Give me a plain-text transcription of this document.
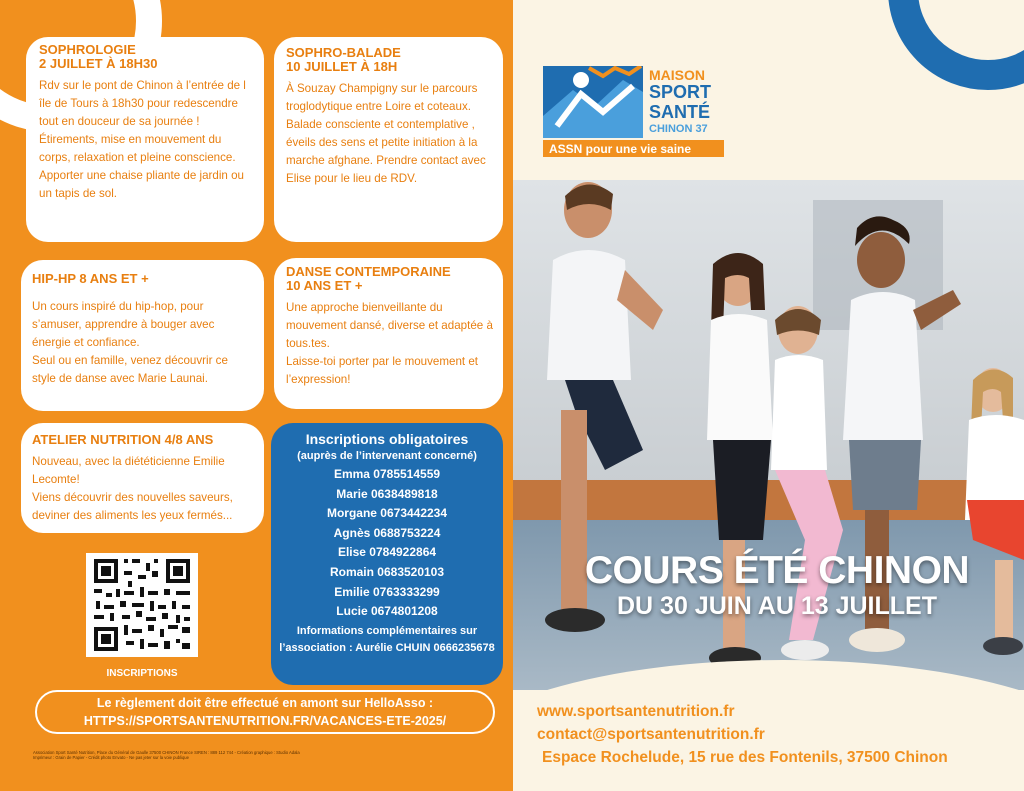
SOPHROLOGIE
2 JUILLET À 18H30

Rdv sur le pont de Chinon à l’entrée de l île de Tours à 18h30 pour redescendre tout en douceur de sa journée ! Étirements, mise en mouvement du corps, relaxation et pleine conscience. Apporter une chaise pliante de jardin ou un tapis de sol.

SOPHRO-BALADE
10 JUILLET À 18H

À Souzay Champigny sur le parcours troglodytique entre Loire et coteaux.
Balade consciente et contemplative , éveils des sens et petite initiation à la marche afghane. Prendre contact avec Elise pour le lieu de RDV.

HIP-HP 8 ANS ET +

Un cours inspiré du hip-hop, pour s’amuser, apprendre à bouger avec énergie et confiance.
Seul ou en famille, venez découvrir ce style de danse avec Marie Launai.

DANSE CONTEMPORAINE
10 ANS ET +

Une approche bienveillante du mouvement dansé, diverse et adaptée à tous.tes.
Laisse-toi porter par le mouvement et l’expression!

ATELIER NUTRITION 4/8 ANS

Nouveau, avec la diététicienne Emilie Lecomte!
Viens découvrir des nouvelles saveurs, deviner des aliments les yeux fermés...

Inscriptions obligatoires
(auprès de l’intervenant concerné)
Emma 0785514559
Marie 0638489818
Morgane 0673442234
Agnès 0688753224
Elise 0784922864
Romain 0683520103
Emilie 0763333299
Lucie 0674801208
Informations complémentaires sur l’association : Aurélie CHUIN 0666235678
INSCRIPTIONS
Le règlement doit être effectué en amont sur HelloAsso :
HTTPS://SPORTSANTENUTRITION.FR/VACANCES-ETE-2025/
Association Sport Santé Nutrition, Place du Général de Gaulle 37500 CHINON France SIREN : 889 112 744 - Création graphique : Studio Adala
Imprimeur : Grain de Papier - Crédit photo Envato - Ne pas jeter sur la voie publique
MAISON
SPORT
SANTÉ
CHINON 37
ASSN pour une vie saine
COURS ÉTÉ CHINON
DU 30 JUIN AU 13 JUILLET
www.sportsantenutrition.fr
contact@sportsantenutrition.fr
Espace Rochelude, 15 rue des Fontenils, 37500 Chinon
